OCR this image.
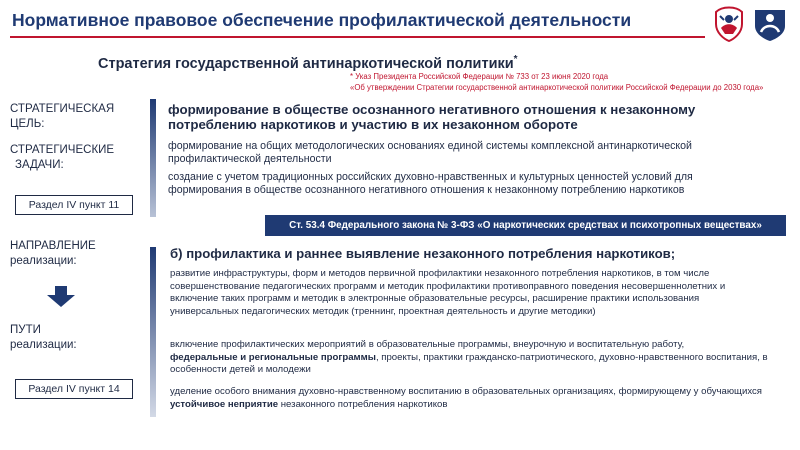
Нормативное правовое обеспечение профилактической деятельности
Стратегия государственной антинаркотической политики*
* Указ Президента Российской Федерации № 733 от 23 июня 2020 года
«Об утверждении Стратегии государственной антинаркотической политики Российской Федерации до 2030 года»
СТРАТЕГИЧЕСКАЯ
ЦЕЛЬ:
СТРАТЕГИЧЕСКИЕ
ЗАДАЧИ:
Раздел IV пункт 11
НАПРАВЛЕНИЕ
реализации:
ПУТИ
реализации:
Раздел IV пункт 14
формирование в обществе осознанного негативного отношения к незаконному потреблению наркотиков и участию в их незаконном обороте
формирование на общих методологических основаниях единой системы комплексной антинаркотической профилактической деятельности
создание с учетом традиционных российских духовно-нравственных и культурных ценностей условий для формирования в обществе осознанного негативного отношения к незаконному потреблению наркотиков
Ст. 53.4 Федерального закона № 3-ФЗ «О наркотических средствах и психотропных веществах»
б) профилактика и раннее выявление незаконного потребления наркотиков;
развитие инфраструктуры, форм и методов первичной профилактики незаконного потребления наркотиков, в том числе совершенствование педагогических программ и методик профилактики противоправного поведения несовершеннолетних и включение таких программ и методик в электронные образовательные ресурсы, расширение практики использования универсальных педагогических методик (треннинг, проектная деятельность и другие методики)
включение профилактических мероприятий в образовательные программы, внеурочную и воспитательную работу,
федеральные и региональные программы, проекты, практики гражданско-патриотического, духовно-нравственного воспитания, в особенности детей и молодежи
уделение особого внимания духовно-нравственному воспитанию в образовательных организациях, формирующему у обучающихся устойчивое неприятие незаконного потребления наркотиков
